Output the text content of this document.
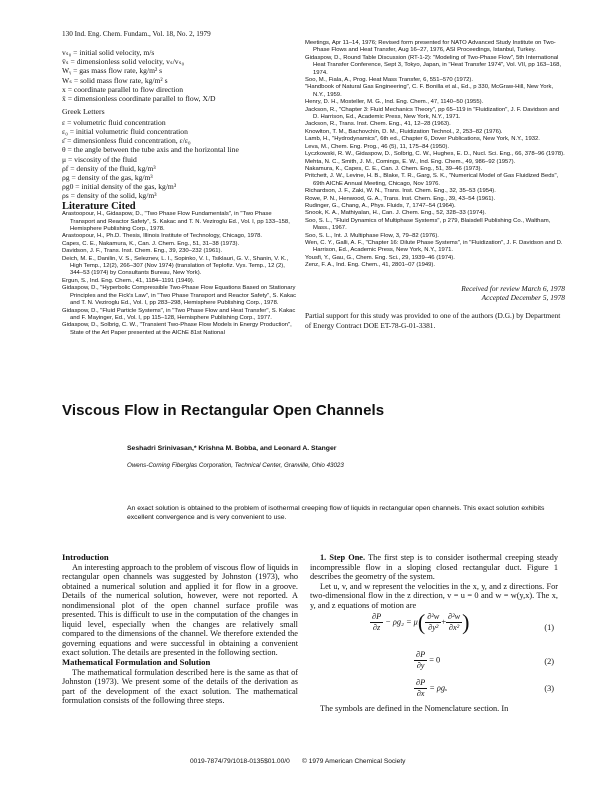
130 Ind. Eng. Chem. Fundam., Vol. 18, No. 2, 1979
vₛ₀ = initial solid velocity, m/s
v̄ₛ = dimensionless solid velocity, vₛ/vₛ₀
Wᵧ = gas mass flow rate, kg/m² s
Wₛ = solid mass flow rate, kg/m² s
x = coordinate parallel to flow direction
x̄ = dimensionless coordinate parallel to flow, X/D
Greek Letters
ε = volumetric fluid concentration
ε₀ = initial volumetric fluid concentration
ε̄ = dimensionless fluid concentration, ε/ε₀
θ = the angle between the tube axis and the horizontal line
μ = viscosity of the fluid
ρf = density of the fluid, kg/m³
ρg = density of the gas, kg/m³
ρg0 = initial density of the gas, kg/m³
ρs = density of the solid, kg/m³
Literature Cited
Arastoopour, H., Gidaspow, D., "Two Phase Flow Fundamentals", in "Two Phase Transport and Reactor Safety", S. Kakac and T. N. Veziroglu Ed., Vol. I, pp 133–158, Hemisphere Publishing Corp., 1978.
Arastoopour, H., Ph.D. Thesis, Illinois Institute of Technology, Chicago, 1978.
Capes, C. E., Nakamura, K., Can. J. Chem. Eng., 51, 31–38 (1973).
Davidson, J. F., Trans. Inst. Chem. Eng., 39, 230–232 (1961).
Deich, M. E., Danilin, V. S., Seleznev, L. I., Sopinko, V. I., Tsiklauri, G. V., Shanin, V. K., High Temp., 12(2), 266–307 (Nov 1974) (translation of Teplofiz. Vys. Temp., 12 (2), 344–53 (1974) by Consultants Bureau, New York).
Ergun, S., Ind. Eng. Chem., 41, 1184–1191 (1949).
Gidaspow, D., "Hyperbolic Compressible Two-Phase Flow Equations Based on Stationary Principles and the Fick's Law", in "Two Phase Transport and Reactor Safety", S. Kakac and T. N. Veziroglu Ed., Vol. I, pp 283–298, Hemisphere Publishing Corp., 1978.
Gidaspow, D., "Fluid Particle Systems", in "Two Phase Flow and Heat Transfer", S. Kakac and F. Mayinger, Ed., Vol. I, pp 115–128, Hemisphere Publishing Corp., 1977.
Gidaspow, D., Solbrig, C. W., "Transient Two-Phase Flow Models in Energy Production", State of the Art Paper presented at the AIChE 81st National
Meetings, Apr 11–14, 1976; Revised form presented for NATO Advanced Study Institute on Two-Phase Flows and Heat Transfer, Aug 16–27, 1976, ASI Proceedings, Istanbul, Turkey.
Gidaspow, D., Round Table Discussion (RT-1-2): "Modeling of Two-Phase Flow", 5th International Heat Transfer Conference, Sept 3, Tokyo, Japan, in "Heat Transfer 1974", Vol. VII, pp 163–168, 1974.
Soo, M., Fiala, A., Prog. Heat Mass Transfer, 6, 551–570 (1972).
"Handbook of Natural Gas Engineering", C. F. Bonilla et al., Ed., p 330, McGraw-Hill, New York, N.Y., 1959.
Henry, D. H., Mosteller, M. G., Ind. Eng. Chem., 47, 1140–50 (1955).
Jackson, R., "Chapter 3: Fluid Mechanics Theory", pp 65–119 in "Fluidization", J. F. Davidson and D. Harrison, Ed., Academic Press, New York, N.Y., 1971.
Jackson, R., Trans. Inst. Chem. Eng., 41, 12–28 (1963).
Knowlton, T. M., Bachovchin, D. M., Fluidization Technol., 2, 253–82 (1976).
Lamb, H., "Hydrodynamics", 6th ed., Chapter 6, Dover Publications, New York, N.Y., 1932.
Leva, M., Chem. Eng. Prog., 46 (5), 11, 175–84 (1950).
Lyczkowski, R. W., Gidaspow, D., Solbrig, C. W., Hughes, E. D., Nucl. Sci. Eng., 66, 378–96 (1978).
Mehta, N. C., Smith, J. M., Comings, E. W., Ind. Eng. Chem., 49, 986–92 (1957).
Nakamura, K., Capes, C. E., Can. J. Chem. Eng., 51, 39–46 (1973).
Pritchett, J. W., Levine, H. B., Blake, T. R., Garg, S. K., "Numerical Model of Gas Fluidized Beds", 69th AIChE Annual Meeting, Chicago, Nov 1976.
Richardson, J. F., Zaki, W. N., Trans. Inst. Chem. Eng., 32, 35–53 (1954).
Rowe, P. N., Henwood, G. A., Trans. Inst. Chem. Eng., 39, 43–54 (1961).
Rudinger, G., Chang, A., Phys. Fluids, 7, 1747–54 (1964).
Snook, K. A., Mathiyalan, H., Can. J. Chem. Eng., 52, 328–33 (1974).
Soo, S. L., "Fluid Dynamics of Multiphase Systems", p 279, Blaisdell Publishing Co., Waltham, Mass., 1967.
Soo, S. L., Int. J. Multiphase Flow, 3, 79–82 (1976).
Wen, C. Y., Galli, A. F., "Chapter 16: Dilute Phase Systems", in "Fluidization", J. F. Davidson and D. Harrison, Ed., Academic Press, New York, N.Y., 1971.
Yousfi, Y., Gau, G., Chem. Eng. Sci., 29, 1939–46 (1974).
Zenz, F. A., Ind. Eng. Chem., 41, 2801–07 (1949).
Received for review March 6, 1978
Accepted December 5, 1978
Partial support for this study was provided to one of the authors (D.G.) by Department of Energy Contract DOE ET-78-G-01-3381.
Viscous Flow in Rectangular Open Channels
Seshadri Srinivasan,* Krishna M. Bobba, and Leonard A. Stanger
Owens-Corning Fiberglas Corporation, Technical Center, Granville, Ohio 43023
An exact solution is obtained to the problem of isothermal creeping flow of liquids in rectangular open channels. This exact solution exhibits excellent convergence and is very convenient to use.
Introduction
An interesting approach to the problem of viscous flow of liquids in rectangular open channels was suggested by Johnston (1973), who obtained a numerical solution and applied it for flow in a groove. Details of the numerical solution, however, were not reported. A nondimensional plot of the open channel surface profile was presented. This is difficult to use in the computation of the changes in liquid level, especially when the changes are relatively small compared to the dimensions of the channel. We therefore extended the governing equations and were successful in obtaining a convenient exact solution. The details are presented in the following section.
Mathematical Formulation and Solution
The mathematical formulation described here is the same as that of Johnston (1973). We present some of the details of the derivation as part of the development of the exact solution. The mathematical formulation consists of the following three steps.
1. Step One. The first step is to consider isothermal creeping steady incompressible flow in a sloping closed rectangular duct. Figure 1 describes the geometry of the system.
Let u, v, and w represent the velocities in the x, y, and z directions. For two-dimensional flow in the z direction, v = u = 0 and w = w(y,x). The x, y, and z equations of motion are
$\frac{\partial P}{\partial z} - \rho g_2 = \mu( \frac{\text{∂²w}}{\text{∂y²}} + \frac{\text{∂²w}}{\text{∂x²}}$ )	(1)
$\frac{\partial P}{\partial y} = 0$	(2)
$\frac{\partial P}{\partial x} = \rho g_x$	(3)
The symbols are defined in the Nomenclature section. In
0019-7874/79/1018-0135$01.00/0 © 1979 American Chemical Society
